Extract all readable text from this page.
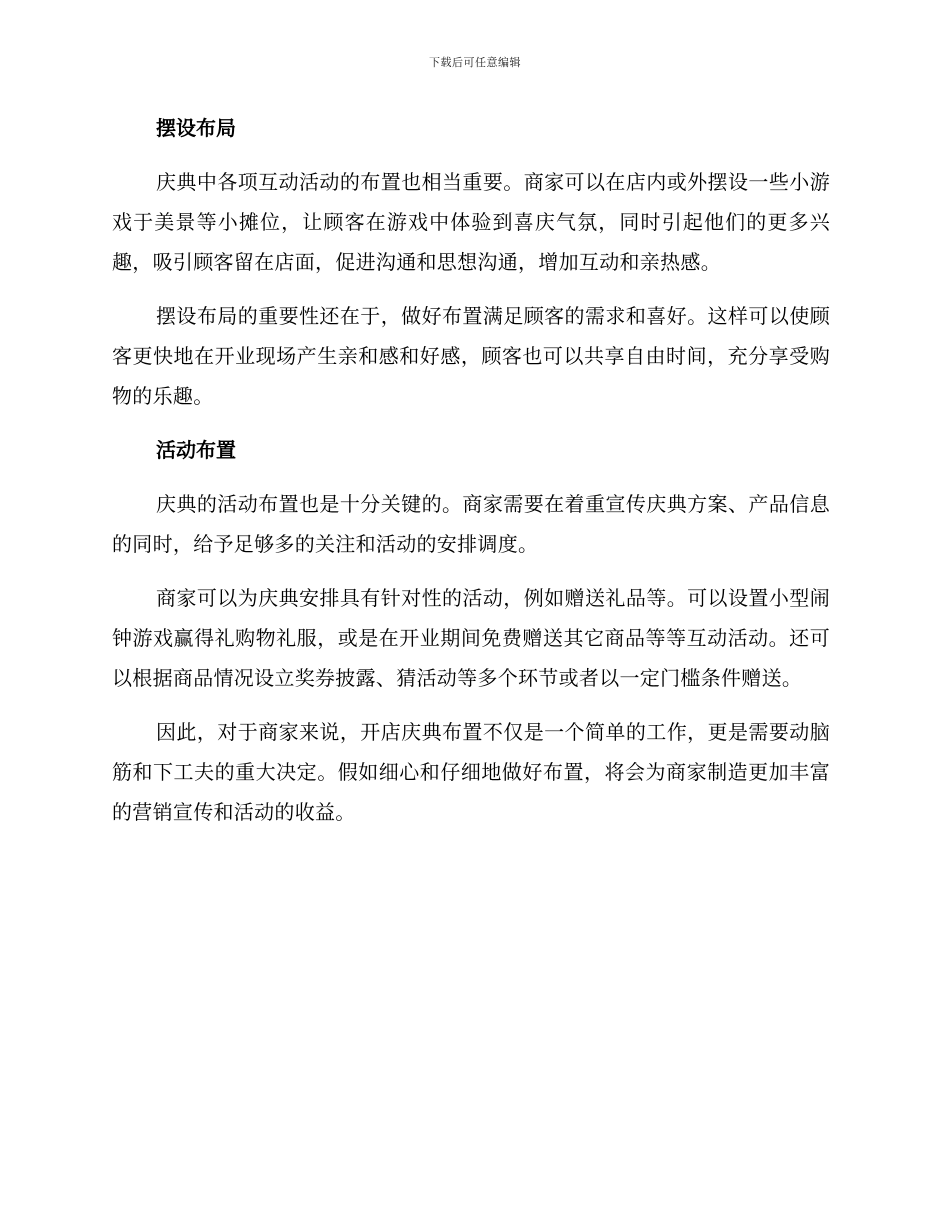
下载后可任意编辑
摆设布局

庆典中各项互动活动的布置也相当重要。商家可以在店内或外摆设一些小游戏于美景等小摊位，让顾客在游戏中体验到喜庆气氛，同时引起他们的更多兴趣，吸引顾客留在店面，促进沟通和思想沟通，增加互动和亲热感。

摆设布局的重要性还在于，做好布置满足顾客的需求和喜好。这样可以使顾客更快地在开业现场产生亲和感和好感，顾客也可以共享自由时间，充分享受购物的乐趣。

活动布置

庆典的活动布置也是十分关键的。商家需要在着重宣传庆典方案、产品信息的同时，给予足够多的关注和活动的安排调度。

商家可以为庆典安排具有针对性的活动，例如赠送礼品等。可以设置小型闹钟游戏赢得礼购物礼服，或是在开业期间免费赠送其它商品等等互动活动。还可以根据商品情况设立奖券披露、猜活动等多个环节或者以一定门槛条件赠送。

因此，对于商家来说，开店庆典布置不仅是一个简单的工作，更是需要动脑筋和下工夫的重大决定。假如细心和仔细地做好布置，将会为商家制造更加丰富的营销宣传和活动的收益。
